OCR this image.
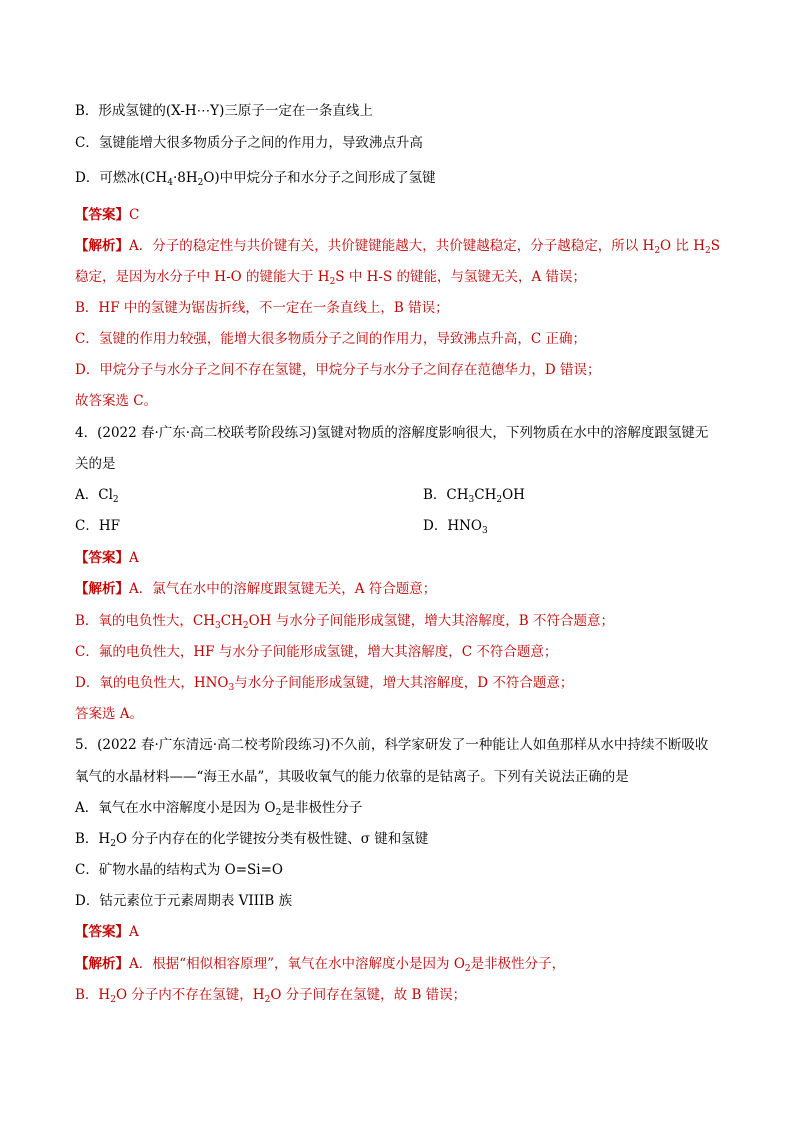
B．形成氢键的(X-H⋯Y)三原子一定在一条直线上
C．氢键能增大很多物质分子之间的作用力，导致沸点升高
D．可燃冰$(CH_4\cdot 8H_2O)$中甲烷分子和水分子之间形成了氢键
【答案】C
【解析】A．分子的稳定性与共价键有关，共价键键能越大，共价键越稳定，分子越稳定，所以 $H_2O$ 比 $H_2S$
稳定，是因为水分子中 H-O 的键能大于 $H_2S$ 中 H-S 的键能，与氢键无关，A 错误；
B．HF 中的氢键为锯齿折线，不一定在一条直线上，B 错误；
C．氢键的作用力较强，能增大很多物质分子之间的作用力，导致沸点升高，C 正确；
D．甲烷分子与水分子之间不存在氢键，甲烷分子与水分子之间存在范德华力，D 错误；
故答案选 C。
4．(2022 春·广东·高二校联考阶段练习)氢键对物质的溶解度影响很大，下列物质在水中的溶解度跟氢键无
关的是
A．$Cl_2$	B．$CH_3CH_2OH$
C．HF	D．$HNO_3$
【答案】A
【解析】A．氯气在水中的溶解度跟氢键无关，A 符合题意；
B．氧的电负性大，$CH_3CH_2OH$ 与水分子间能形成氢键，增大其溶解度，B 不符合题意；
C．氟的电负性大，HF 与水分子间能形成氢键，增大其溶解度，C 不符合题意；
D．氧的电负性大，$HNO_3$与水分子间能形成氢键，增大其溶解度，D 不符合题意；
答案选 A。
5．(2022 春·广东清远·高二校考阶段练习)不久前，科学家研发了一种能让人如鱼那样从水中持续不断吸收
氧气的水晶材料——“海王水晶”，其吸收氧气的能力依靠的是钴离子。下列有关说法正确的是
A．氧气在水中溶解度小是因为 $O_2$是非极性分子
B．$H_2O$ 分子内存在的化学键按分类有极性键、σ 键和氢键
C．矿物水晶的结构式为 O=Si=O
D．钴元素位于元素周期表 VIIIB 族
【答案】A
【解析】A．根据“相似相容原理”，氧气在水中溶解度小是因为 $O_2$是非极性分子，
B．$H_2O$ 分子内不存在氢键，$H_2O$ 分子间存在氢键，故 B 错误；
